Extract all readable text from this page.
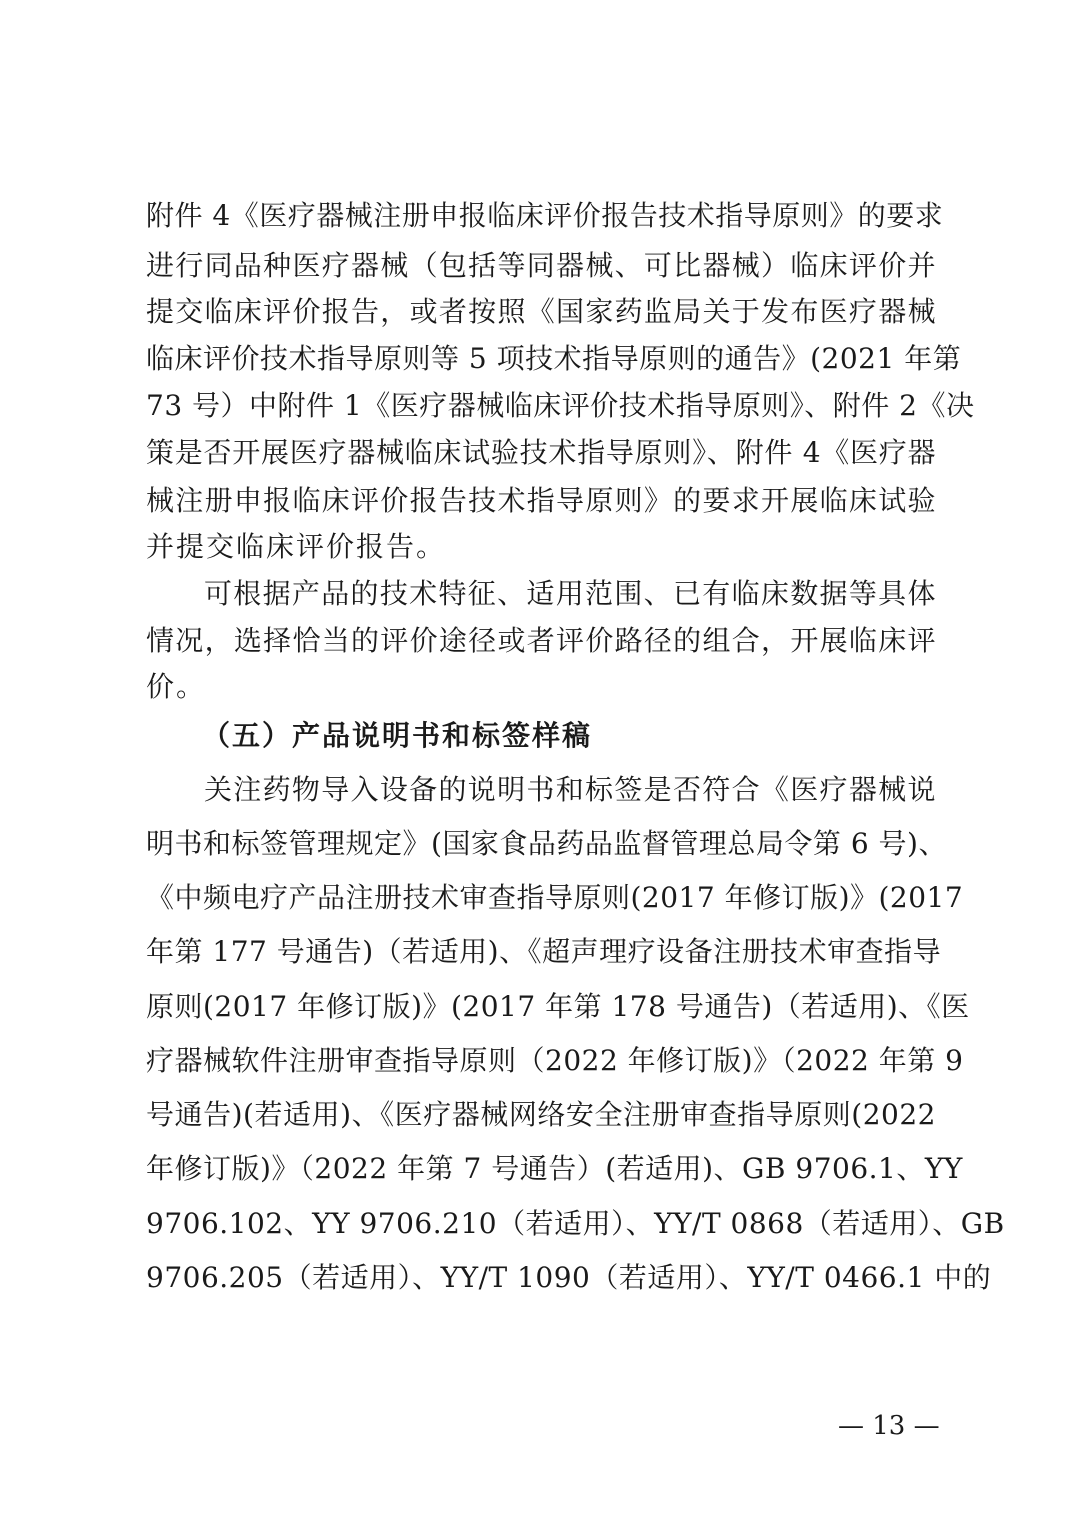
附件 4《医疗器械注册申报临床评价报告技术指导原则》的要求
进行同品种医疗器械（包括等同器械、可比器械）临床评价并
提交临床评价报告，或者按照《国家药监局关于发布医疗器械
临床评价技术指导原则等 5 项技术指导原则的通告》(2021 年第
73 号）中附件 1《医疗器械临床评价技术指导原则》、附件 2《决
策是否开展医疗器械临床试验技术指导原则》、附件 4《医疗器
械注册申报临床评价报告技术指导原则》的要求开展临床试验
并提交临床评价报告。
可根据产品的技术特征、适用范围、已有临床数据等具体
情况，选择恰当的评价途径或者评价路径的组合，开展临床评
价。
（五）产品说明书和标签样稿
关注药物导入设备的说明书和标签是否符合《医疗器械说
明书和标签管理规定》(国家食品药品监督管理总局令第 6 号)、
《中频电疗产品注册技术审查指导原则(2017 年修订版)》(2017
年第 177 号通告)（若适用)、《超声理疗设备注册技术审查指导
原则(2017 年修订版)》(2017 年第 178 号通告)（若适用)、《医
疗器械软件注册审查指导原则（2022 年修订版)》（2022 年第 9
号通告)(若适用)、《医疗器械网络安全注册审查指导原则(2022
年修订版)》（2022 年第 7 号通告）(若适用)、GB 9706.1、YY
9706.102、YY 9706.210（若适用）、YY/T 0868（若适用）、GB
9706.205（若适用）、YY/T 1090（若适用）、YY/T 0466.1 中的
— 13 —
